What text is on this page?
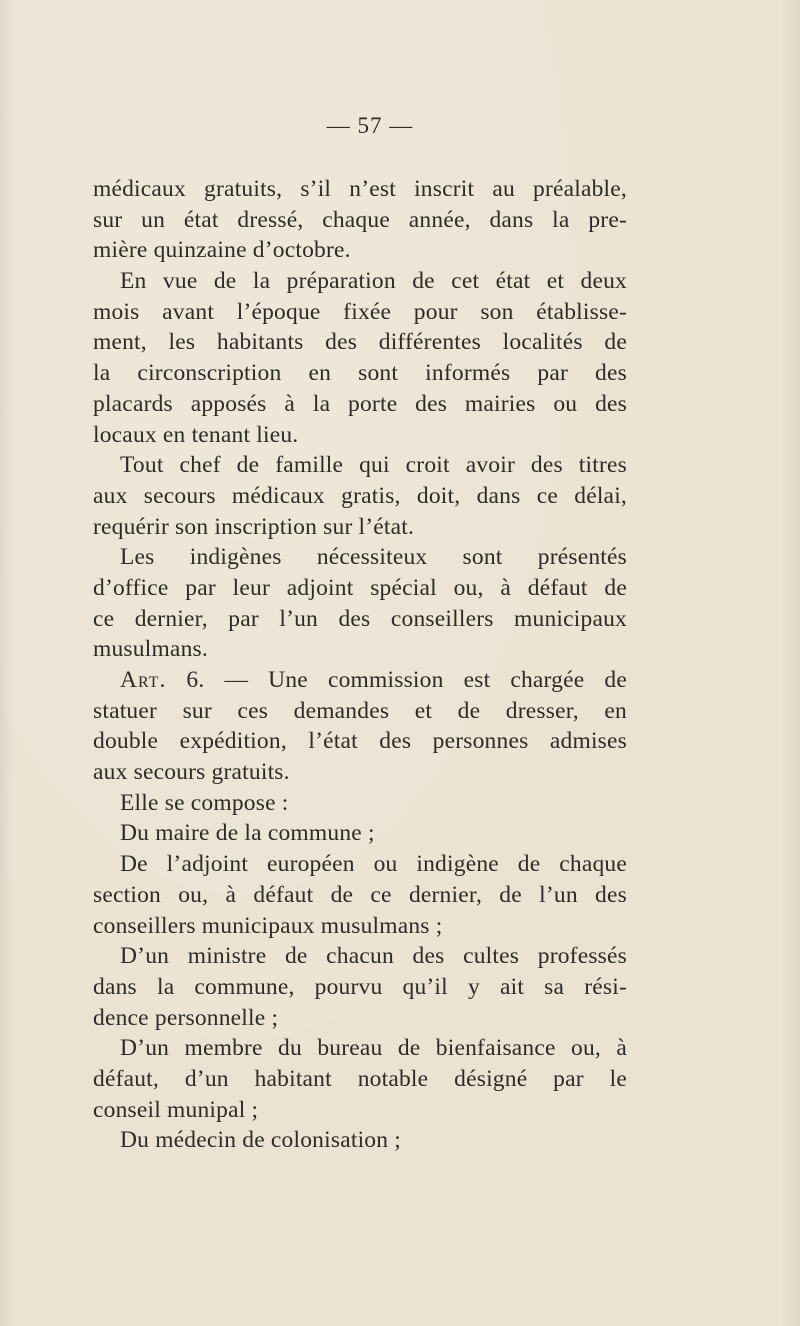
— 57 —
médicaux gratuits, s’il n’est inscrit au préalable,
sur un état dressé, chaque année, dans la pre-
mière quinzaine d’octobre.
En vue de la préparation de cet état et deux
mois avant l’époque fixée pour son établisse-
ment, les habitants des différentes localités de
la circonscription en sont informés par des
placards apposés à la porte des mairies ou des
locaux en tenant lieu.
Tout chef de famille qui croit avoir des titres
aux secours médicaux gratis, doit, dans ce délai,
requérir son inscription sur l’état.
Les indigènes nécessiteux sont présentés
d’office par leur adjoint spécial ou, à défaut de
ce dernier, par l’un des conseillers municipaux
musulmans.
Art. 6. — Une commission est chargée de
statuer sur ces demandes et de dresser, en
double expédition, l’état des personnes admises
aux secours gratuits.
Elle se compose :
Du maire de la commune ;
De l’adjoint européen ou indigène de chaque
section ou, à défaut de ce dernier, de l’un des
conseillers municipaux musulmans ;
D’un ministre de chacun des cultes professés
dans la commune, pourvu qu’il y ait sa rési-
dence personnelle ;
D’un membre du bureau de bienfaisance ou, à
défaut, d’un habitant notable désigné par le
conseil munipal ;
Du médecin de colonisation ;
